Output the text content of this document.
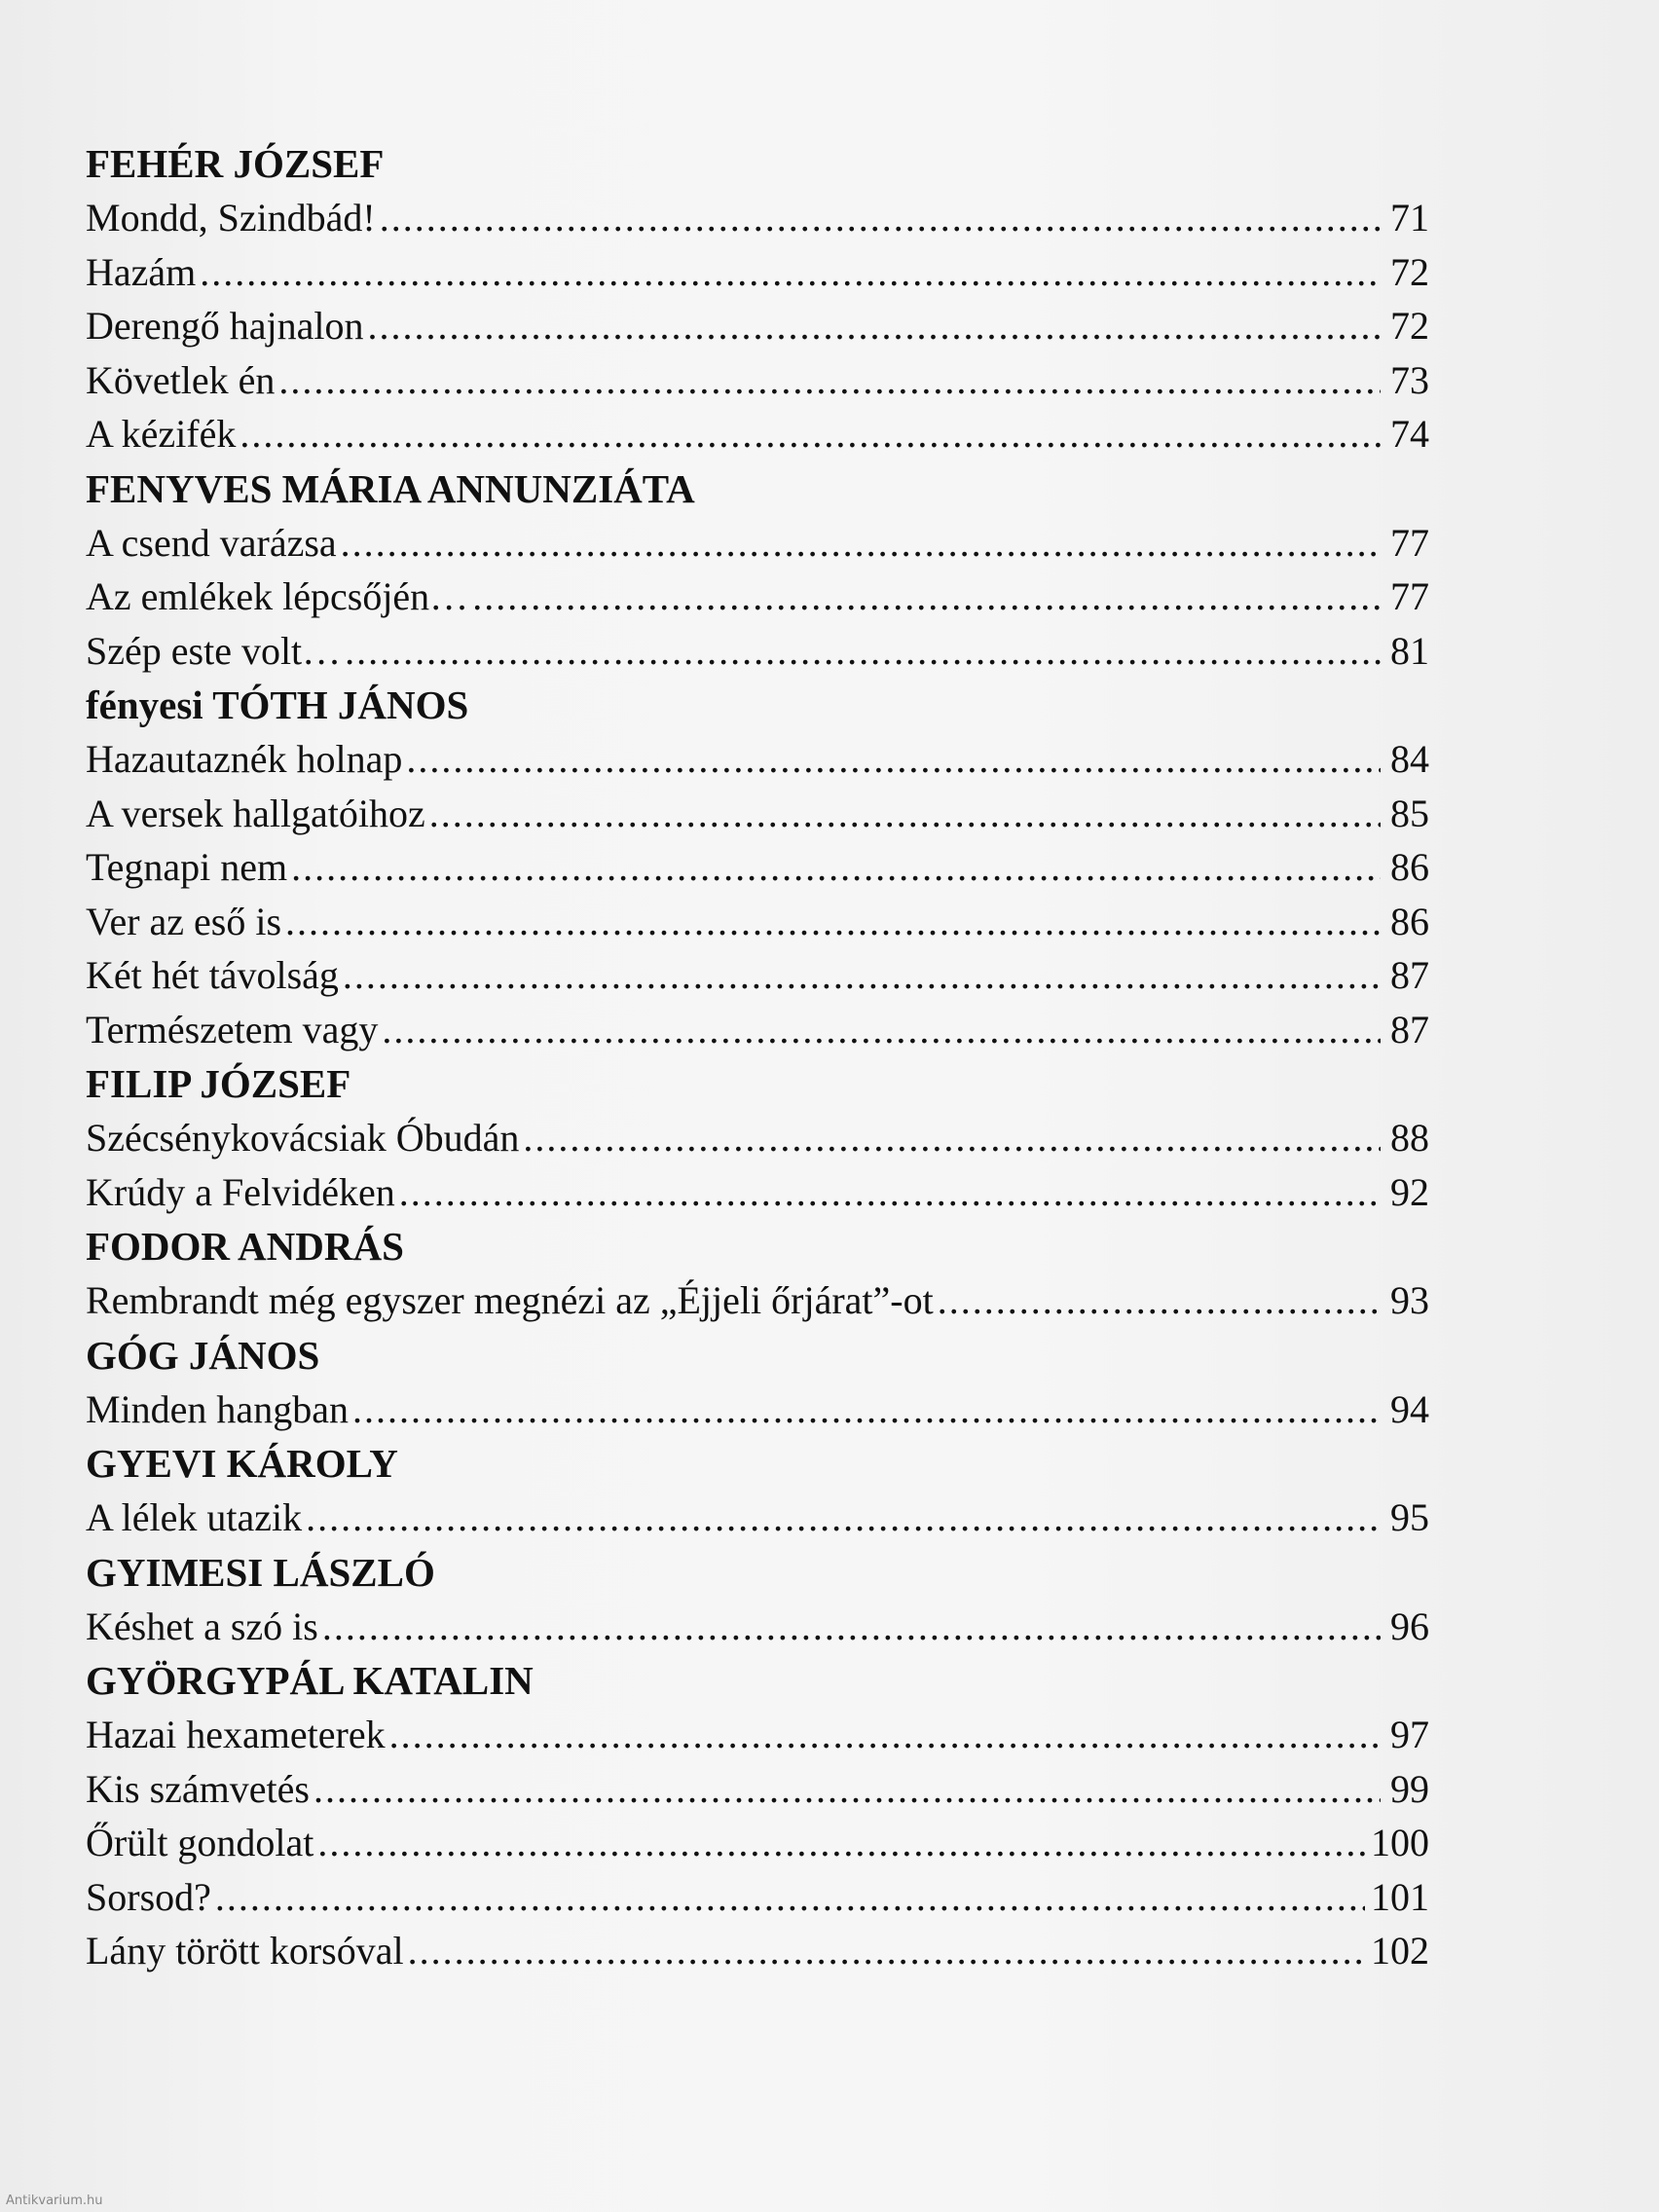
FEHÉR JÓZSEF
Mondd, Szindbád! .....	71
Hazám .....	72
Derengő hajnalon .....	72
Követlek én .....	73
A kézifék .....	74
FENYVES MÁRIA ANNUNZIÁTA
A csend varázsa .....	77
Az emlékek lépcsőjén… .....	77
Szép este volt… .....	81
fényesi TÓTH JÁNOS
Hazautaznék holnap .....	84
A versek hallgatóihoz .....	85
Tegnapi nem .....	86
Ver az eső is .....	86
Két hét távolság .....	87
Természetem vagy .....	87
FILIP JÓZSEF
Szécsénykovácsiak Óbudán .....	88
Krúdy a Felvidéken .....	92
FODOR ANDRÁS
Rembrandt még egyszer megnézi az „Éjjeli őrjárat”-ot .....	93
GÓG JÁNOS
Minden hangban .....	94
GYEVI KÁROLY
A lélek utazik .....	95
GYIMESI LÁSZLÓ
Késhet a szó is .....	96
GYÖRGYPÁL KATALIN
Hazai hexameterek .....	97
Kis számvetés .....	99
Őrült gondolat .....	100
Sorsod? .....	101
Lány törött korsóval .....	102
Antikvarium.hu
